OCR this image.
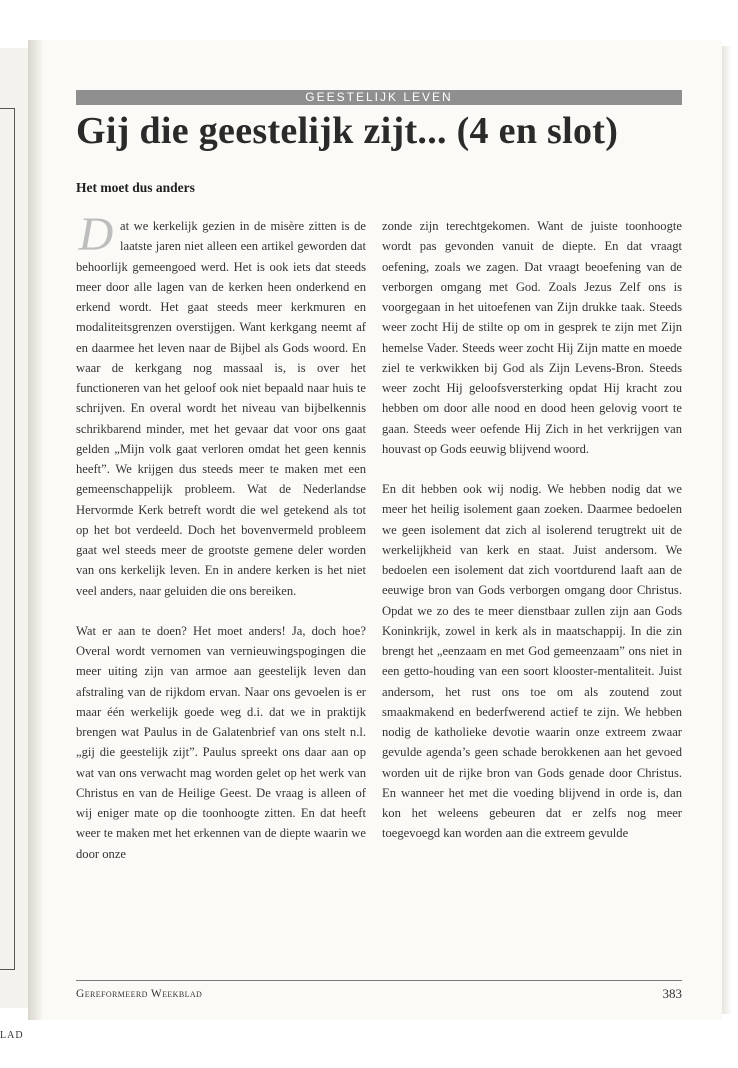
LAD
GEESTELIJK LEVEN
Gij die geestelijk zijt... (4 en slot)
Het moet dus anders

Dat we kerkelijk gezien in de misère zitten is de laatste jaren niet alleen een artikel geworden dat behoorlijk gemeengoed werd. Het is ook iets dat steeds meer door alle lagen van de kerken heen onderkend en erkend wordt. Het gaat steeds meer kerkmuren en modaliteitsgrenzen overstijgen. Want kerkgang neemt af en daarmee het leven naar de Bijbel als Gods woord. En waar de kerkgang nog massaal is, is over het functioneren van het geloof ook niet bepaald naar huis te schrijven. En overal wordt het niveau van bijbelkennis schrikbarend minder, met het gevaar dat voor ons gaat gelden „Mijn volk gaat verloren omdat het geen kennis heeft”. We krijgen dus steeds meer te maken met een gemeenschappelijk probleem. Wat de Nederlandse Hervormde Kerk betreft wordt die wel getekend als tot op het bot verdeeld. Doch het bovenvermeld probleem gaat wel steeds meer de grootste gemene deler worden van ons kerkelijk leven. En in andere kerken is het niet veel anders, naar geluiden die ons bereiken.

Wat er aan te doen? Het moet anders! Ja, doch hoe? Overal wordt vernomen van vernieuwingspogingen die meer uiting zijn van armoe aan geestelijk leven dan afstraling van de rijkdom ervan. Naar ons gevoelen is er maar één werkelijk goede weg d.i. dat we in praktijk brengen wat Paulus in de Galatenbrief van ons stelt n.l. „gij die geestelijk zijt”. Paulus spreekt ons daar aan op wat van ons verwacht mag worden gelet op het werk van Christus en van de Heilige Geest. De vraag is alleen of wij eniger mate op die toonhoogte zitten. En dat heeft weer te maken met het erkennen van de diepte waarin we door onze

zonde zijn terechtgekomen. Want de juiste toonhoogte wordt pas gevonden vanuit de diepte. En dat vraagt oefening, zoals we zagen. Dat vraagt beoefening van de verborgen omgang met God. Zoals Jezus Zelf ons is voorgegaan in het uitoefenen van Zijn drukke taak. Steeds weer zocht Hij de stilte op om in gesprek te zijn met Zijn hemelse Vader. Steeds weer zocht Hij Zijn matte en moede ziel te verkwikken bij God als Zijn Levens-Bron. Steeds weer zocht Hij geloofsversterking opdat Hij kracht zou hebben om door alle nood en dood heen gelovig voort te gaan. Steeds weer oefende Hij Zich in het verkrijgen van houvast op Gods eeuwig blijvend woord.

En dit hebben ook wij nodig. We hebben nodig dat we meer het heilig isolement gaan zoeken. Daarmee bedoelen we geen isolement dat zich al isolerend terugtrekt uit de werkelijkheid van kerk en staat. Juist andersom. We bedoelen een isolement dat zich voortdurend laaft aan de eeuwige bron van Gods verborgen omgang door Christus. Opdat we zo des te meer dienstbaar zullen zijn aan Gods Koninkrijk, zowel in kerk als in maatschappij. In die zin brengt het „eenzaam en met God gemeenzaam” ons niet in een getto-houding van een soort klooster-mentaliteit. Juist andersom, het rust ons toe om als zoutend zout smaakmakend en bederfwerend actief te zijn. We hebben nodig de katholieke devotie waarin onze extreem zwaar gevulde agenda’s geen schade berokkenen aan het gevoed worden uit de rijke bron van Gods genade door Christus. En wanneer het met die voeding blijvend in orde is, dan kon het weleens gebeuren dat er zelfs nog meer toegevoegd kan worden aan die extreem gevulde

Gereformeerd Weekblad	383
